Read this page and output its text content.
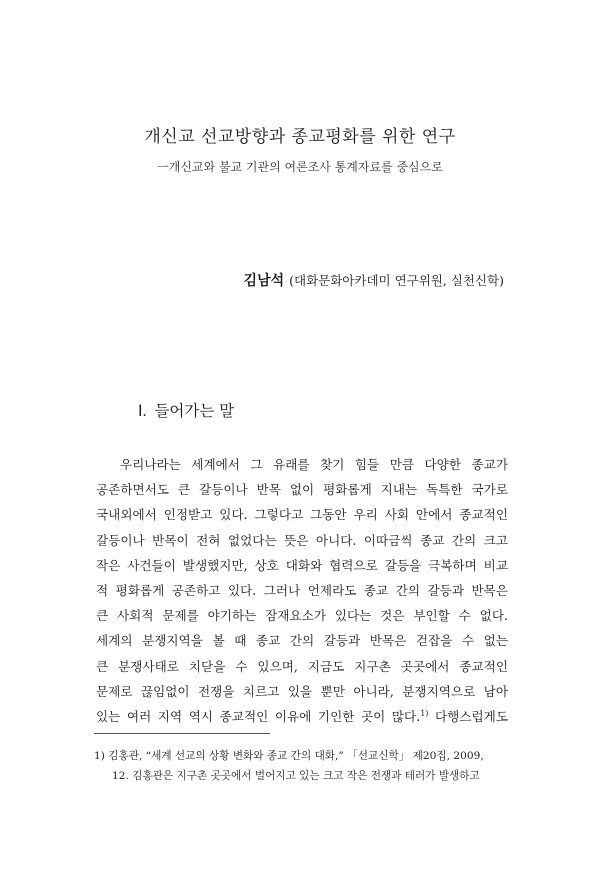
개신교 선교방향과 종교평화를 위한 연구
ㅡ개신교와 불교 기관의 여론조사 통계자료를 중심으로
김남석 (대화문화아카데미 연구위원, 실천신학)
Ⅰ. 들어가는 말
우리나라는 세계에서 그 유래를 찾기 힘들 만큼 다양한 종교가
공존하면서도 큰 갈등이나 반목 없이 평화롭게 지내는 독특한 국가로
국내외에서 인정받고 있다. 그렇다고 그동안 우리 사회 안에서 종교적인
갈등이나 반목이 전혀 없었다는 뜻은 아니다. 이따금씩 종교 간의 크고
작은 사건들이 발생했지만, 상호 대화와 협력으로 갈등을 극복하며 비교
적 평화롭게 공존하고 있다. 그러나 언제라도 종교 간의 갈등과 반목은
큰 사회적 문제를 야기하는 잠재요소가 있다는 것은 부인할 수 없다.
세계의 분쟁지역을 볼 때 종교 간의 갈등과 반목은 걷잡을 수 없는
큰 분쟁사태로 치닫을 수 있으며, 지금도 지구촌 곳곳에서 종교적인
문제로 끊임없이 전쟁을 치르고 있을 뿐만 아니라, 분쟁지역으로 남아
있는 여러 지역 역시 종교적인 이유에 기인한 곳이 많다.$^{1)}$ 다행스럽게도
1) 김홍관, “세계 선교의 상황 변화와 종교 간의 대화,” 「선교신학」 제20집, 2009,
12. 김홍관은 지구촌 곳곳에서 벌어지고 있는 크고 작은 전쟁과 테러가 발생하고
